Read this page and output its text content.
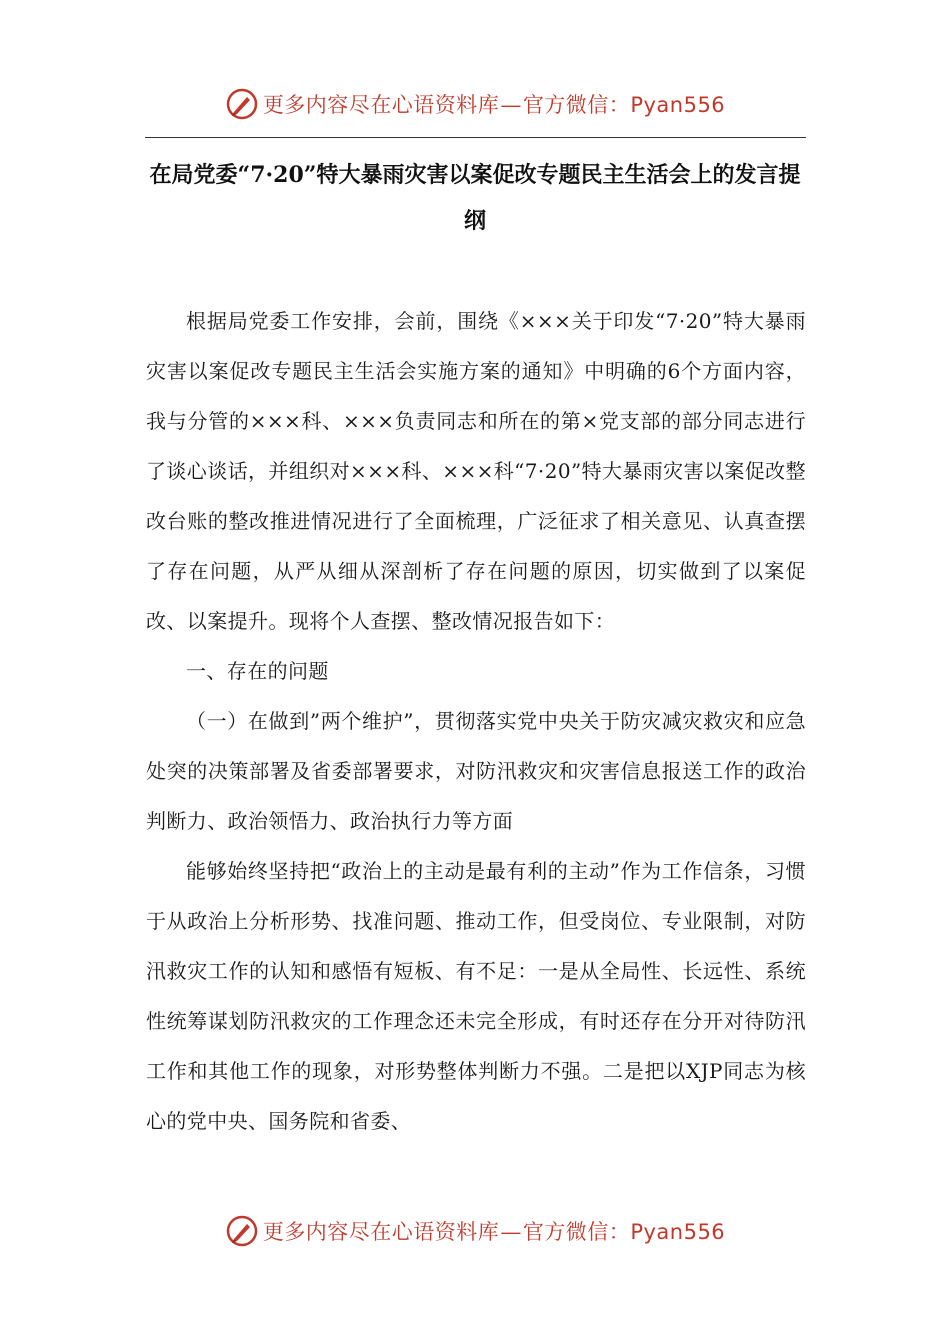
更多内容尽在心语资料库—官方微信：Pyan556
在局党委“7·20”特大暴雨灾害以案促改专题民主生活会上的发言提纲

根据局党委工作安排，会前，围绕《×××关于印发“7·20”特大暴雨灾害以案促改专题民主生活会实施方案的通知》中明确的6个方面内容，我与分管的×××科、×××负责同志和所在的第×党支部的部分同志进行了谈心谈话，并组织对×××科、×××科“7·20”特大暴雨灾害以案促改整改台账的整改推进情况进行了全面梳理，广泛征求了相关意见、认真查摆了存在问题，从严从细从深剖析了存在问题的原因，切实做到了以案促改、以案提升。现将个人查摆、整改情况报告如下：

一、存在的问题

（一）在做到”两个维护”，贯彻落实党中央关于防灾减灾救灾和应急处突的决策部署及省委部署要求，对防汛救灾和灾害信息报送工作的政治判断力、政治领悟力、政治执行力等方面

能够始终坚持把“政治上的主动是最有利的主动”作为工作信条，习惯于从政治上分析形势、找准问题、推动工作，但受岗位、专业限制，对防汛救灾工作的认知和感悟有短板、有不足：一是从全局性、长远性、系统性统筹谋划防汛救灾的工作理念还未完全形成，有时还存在分开对待防汛工作和其他工作的现象，对形势整体判断力不强。二是把以XJP同志为核心的党中央、国务院和省委、

更多内容尽在心语资料库—官方微信：Pyan556
